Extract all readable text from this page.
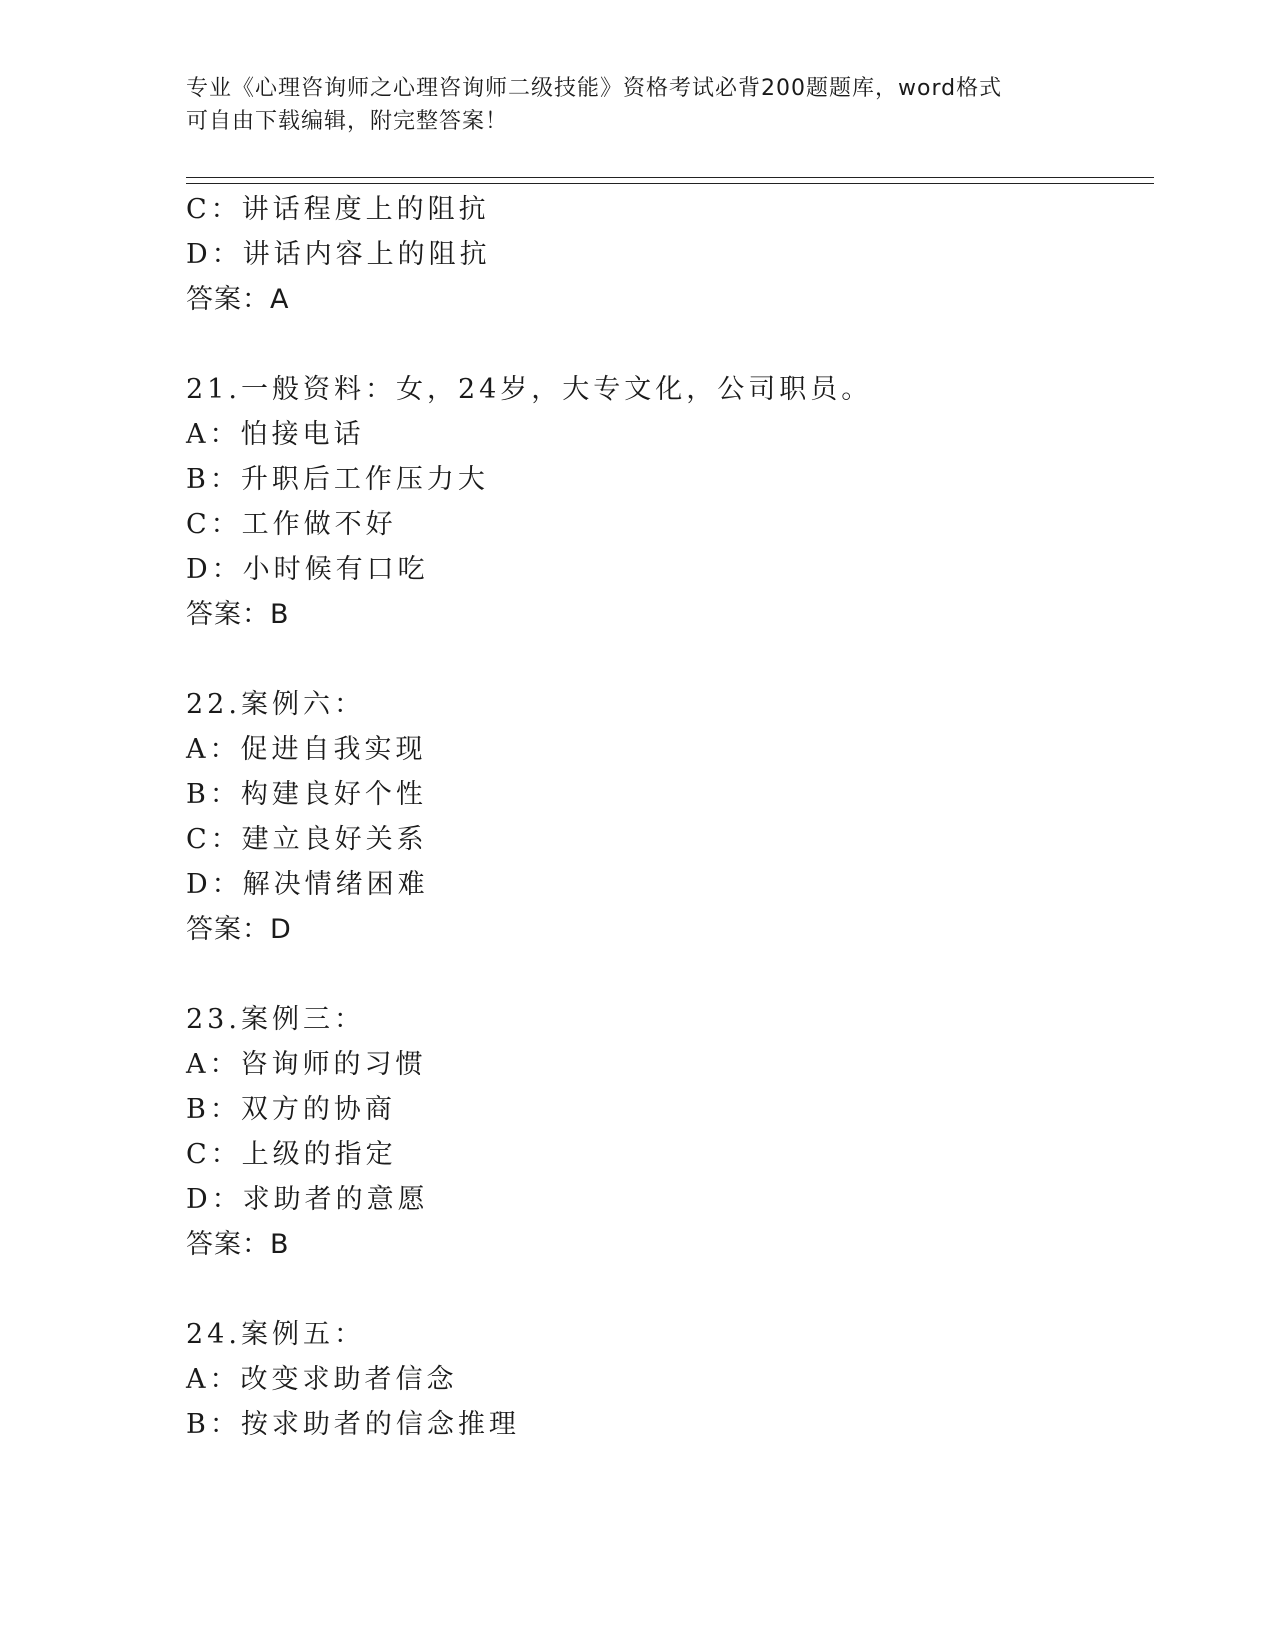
专业《心理咨询师之心理咨询师二级技能》资格考试必背200题题库，word格式
可自由下载编辑，附完整答案！
C：讲话程度上的阻抗
D：讲话内容上的阻抗
答案：A
21.一般资料：女，24岁，大专文化，公司职员。
A：怕接电话
B：升职后工作压力大
C：工作做不好
D：小时候有口吃
答案：B
22.案例六：
A：促进自我实现
B：构建良好个性
C：建立良好关系
D：解决情绪困难
答案：D
23.案例三：
A：咨询师的习惯
B：双方的协商
C：上级的指定
D：求助者的意愿
答案：B
24.案例五：
A：改变求助者信念
B：按求助者的信念推理
